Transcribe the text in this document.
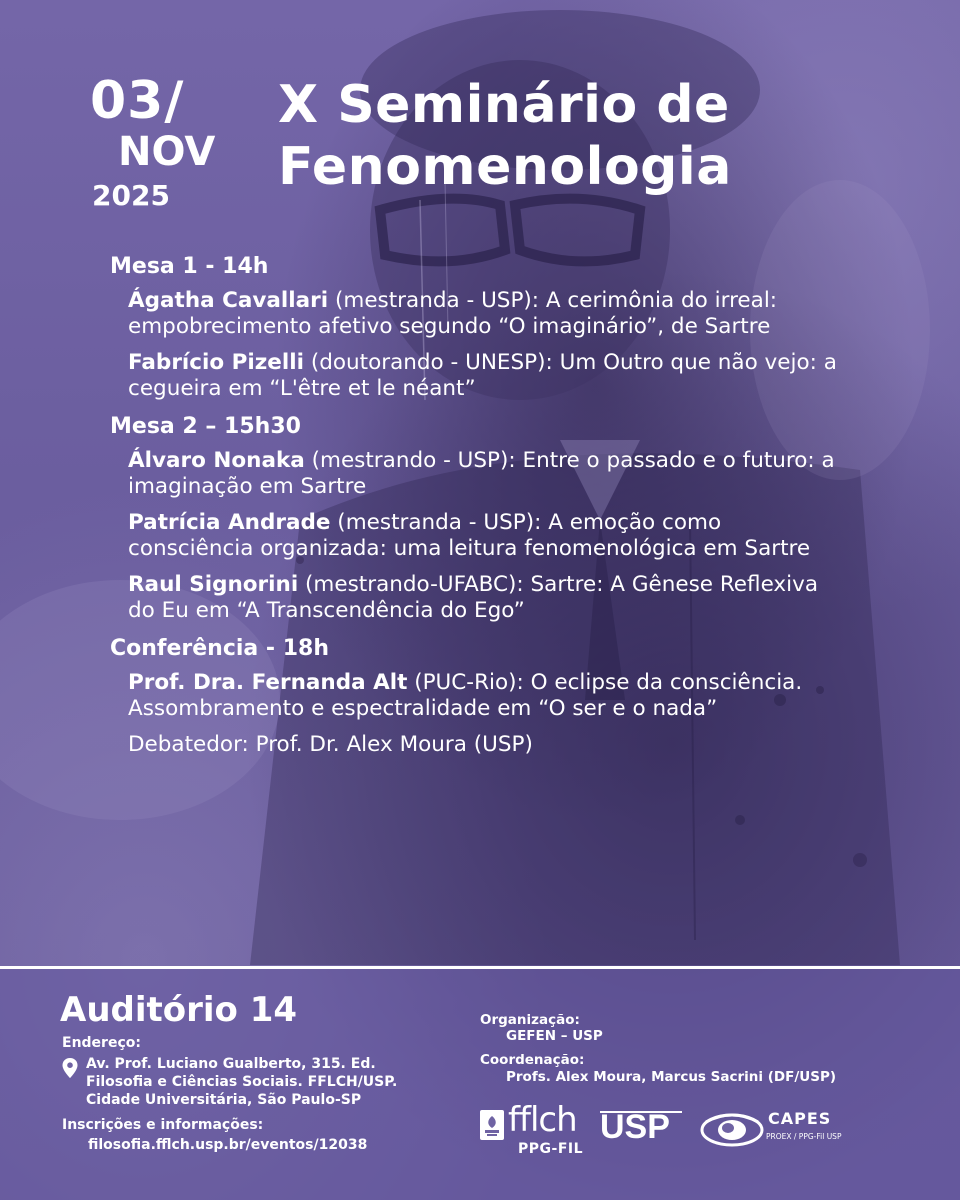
03/
NOV
2025
X Seminário de
Fenomenologia
Mesa 1 - 14h
Ágatha Cavallari (mestranda - USP): A cerimônia do irreal: empobrecimento afetivo segundo “O imaginário”, de Sartre
Fabrício Pizelli (doutorando - UNESP): Um Outro que não vejo: a cegueira em “L'être et le néant”
Mesa 2 – 15h30
Álvaro Nonaka (mestrando - USP): Entre o passado e o futuro: a imaginação em Sartre
Patrícia Andrade (mestranda - USP): A emoção como consciência organizada: uma leitura fenomenológica em Sartre
Raul Signorini (mestrando-UFABC): Sartre: A Gênese Reflexiva do Eu em “A Transcendência do Ego”
Conferência - 18h
Prof. Dra. Fernanda Alt (PUC-Rio): O eclipse da consciência. Assombramento e espectralidade em “O ser e o nada”
Debatedor: Prof. Dr. Alex Moura (USP)
Auditório 14
Endereço:
Av. Prof. Luciano Gualberto, 315. Ed.
Filosofia e Ciências Sociais. FFLCH/USP.
Cidade Universitária, São Paulo-SP
Inscrições e informações:
filosofia.fflch.usp.br/eventos/12038
Organização:
GEFEN – USP
Coordenação:
Profs. Alex Moura, Marcus Sacrini (DF/USP)
fflch
PPG-FIL
USP	CAPES
PROEX / PPG-Fil USP
